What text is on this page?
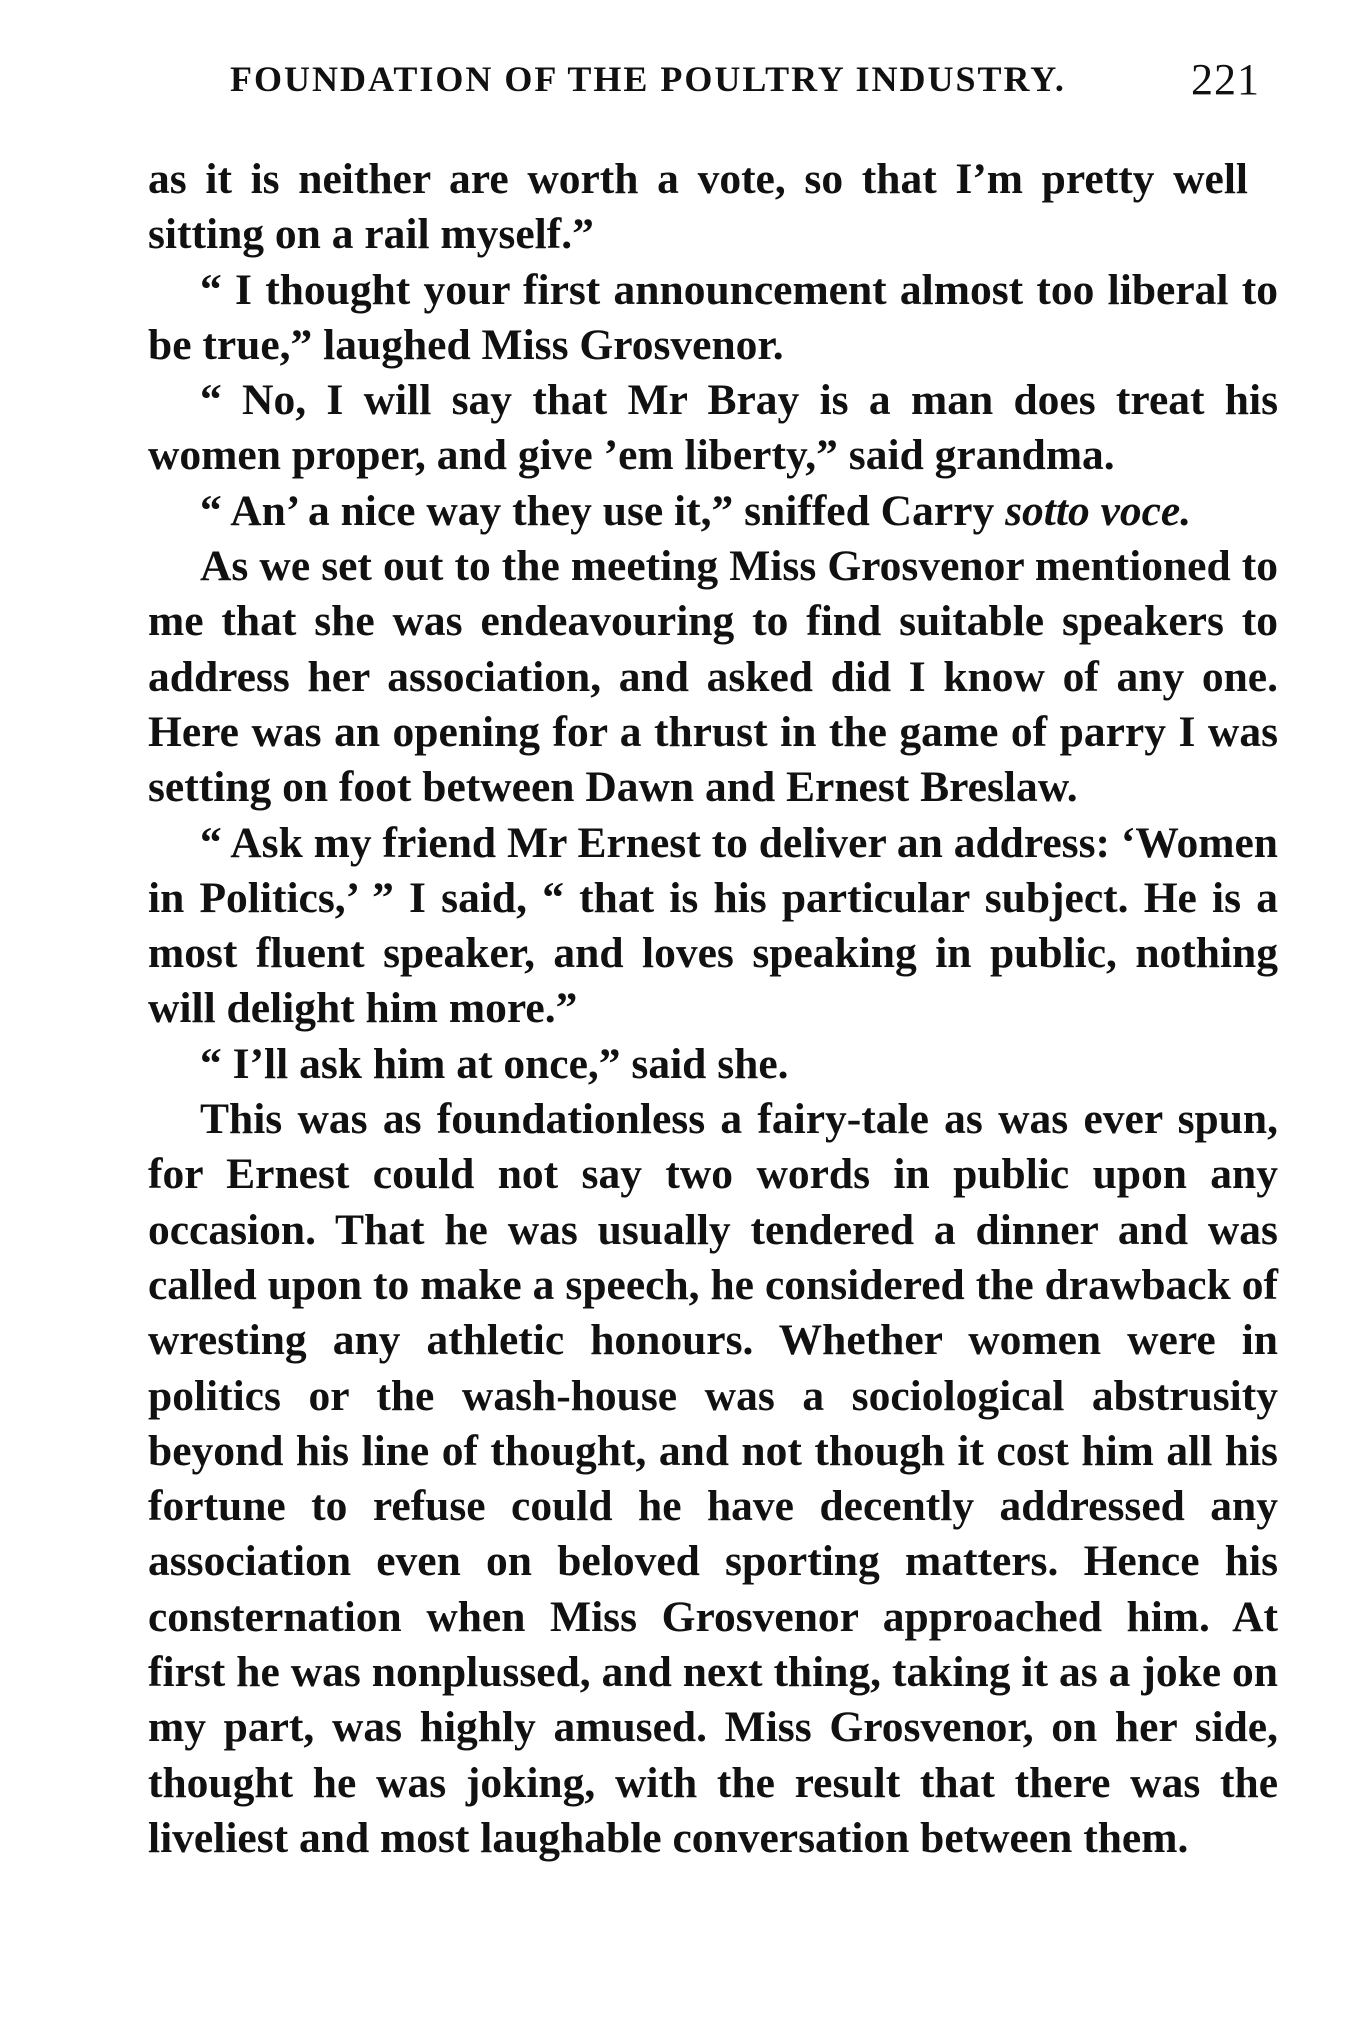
FOUNDATION OF THE POULTRY INDUSTRY.	221

as it is neither are worth a vote, so that I’m pretty well sitting on a rail myself.”

“ I thought your first announcement almost too liberal to be true,” laughed Miss Grosvenor.

“ No, I will say that Mr Bray is a man does treat his women proper, and give ’em liberty,” said grandma.

“ An’ a nice way they use it,” sniffed Carry sotto voce.

As we set out to the meeting Miss Grosvenor mentioned to me that she was endeavouring to find suitable speakers to address her association, and asked did I know of any one. Here was an opening for a thrust in the game of parry I was setting on foot between Dawn and Ernest Breslaw.

“ Ask my friend Mr Ernest to deliver an address: ‘Women in Politics,’ ” I said, “ that is his particular subject. He is a most fluent speaker, and loves speaking in public, nothing will delight him more.”

“ I’ll ask him at once,” said she.

This was as foundationless a fairy-tale as was ever spun, for Ernest could not say two words in public upon any occasion. That he was usually tendered a dinner and was called upon to make a speech, he considered the drawback of wresting any athletic honours. Whether women were in politics or the wash-house was a sociological abstrusity beyond his line of thought, and not though it cost him all his fortune to refuse could he have decently addressed any association even on beloved sporting matters. Hence his consternation when Miss Grosvenor approached him. At first he was nonplussed, and next thing, taking it as a joke on my part, was highly amused. Miss Grosvenor, on her side, thought he was joking, with the result that there was the liveliest and most laughable conversation between them.
